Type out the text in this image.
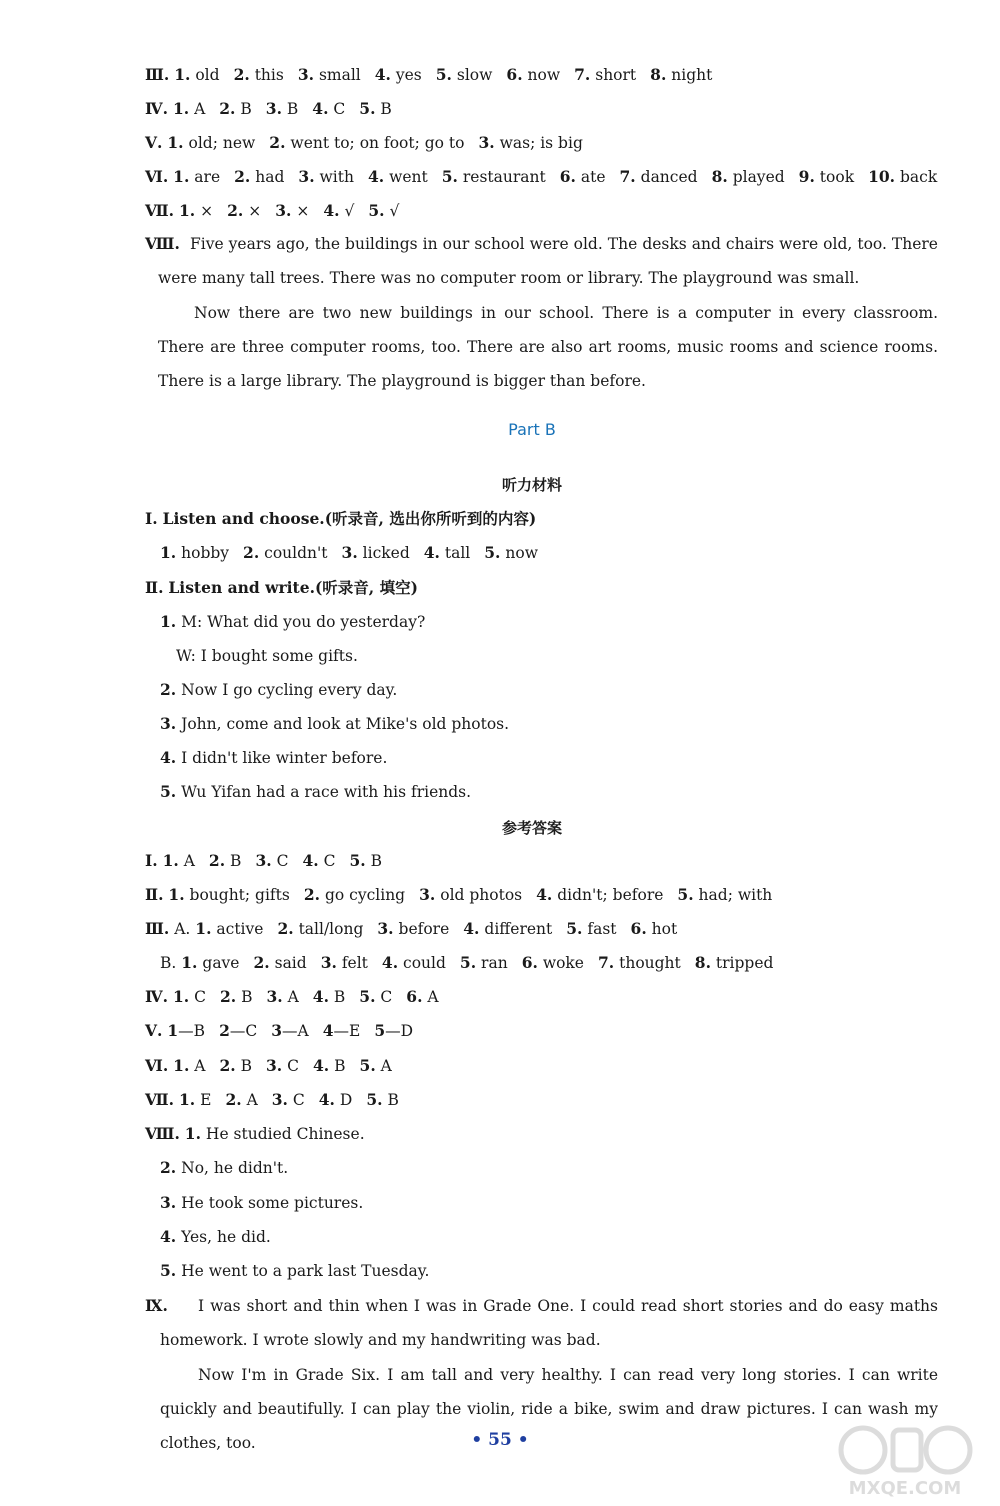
Ⅲ. 1. old 2. this 3. small 4. yes 5. slow 6. now 7. short 8. night
Ⅳ. 1. A 2. B 3. B 4. C 5. B
Ⅴ. 1. old; new 2. went to; on foot; go to 3. was; is big
Ⅵ. 1. are 2. had 3. with 4. went 5. restaurant 6. ate 7. danced 8. played 9. took 10. back
Ⅶ. 1. × 2. × 3. × 4. √ 5. √
Ⅷ. Five years ago, the buildings in our school were old. The desks and chairs were old, too. There were many tall trees. There was no computer room or library. The playground was small.
Now there are two new buildings in our school. There is a computer in every classroom. There are three computer rooms, too. There are also art rooms, music rooms and science rooms. There is a large library. The playground is bigger than before.
Part B
听力材料
Ⅰ. Listen and choose.(听录音, 选出你所听到的内容)
1. hobby 2. couldn't 3. licked 4. tall 5. now
Ⅱ. Listen and write.(听录音, 填空)
1. M: What did you do yesterday?
W: I bought some gifts.
2. Now I go cycling every day.
3. John, come and look at Mike's old photos.
4. I didn't like winter before.
5. Wu Yifan had a race with his friends.
参考答案
Ⅰ. 1. A 2. B 3. C 4. C 5. B
Ⅱ. 1. bought; gifts 2. go cycling 3. old photos 4. didn't; before 5. had; with
Ⅲ. A. 1. active 2. tall/long 3. before 4. different 5. fast 6. hot
B. 1. gave 2. said 3. felt 4. could 5. ran 6. woke 7. thought 8. tripped
Ⅳ. 1. C 2. B 3. A 4. B 5. C 6. A
Ⅴ. 1—B 2—C 3—A 4—E 5—D
Ⅵ. 1. A 2. B 3. C 4. B 5. A
Ⅶ. 1. E 2. A 3. C 4. D 5. B
Ⅷ. 1. He studied Chinese.
2. No, he didn't.
3. He took some pictures.
4. Yes, he did.
5. He went to a park last Tuesday.
Ⅸ.	I was short and thin when I was in Grade One. I could read short stories and do easy maths homework. I wrote slowly and my handwriting was bad.
Now I'm in Grade Six. I am tall and very healthy. I can read very long stories. I can write quickly and beautifully. I can play the violin, ride a bike, swim and draw pictures. I can wash my clothes, too.	• 55 •
MXQE.COM
